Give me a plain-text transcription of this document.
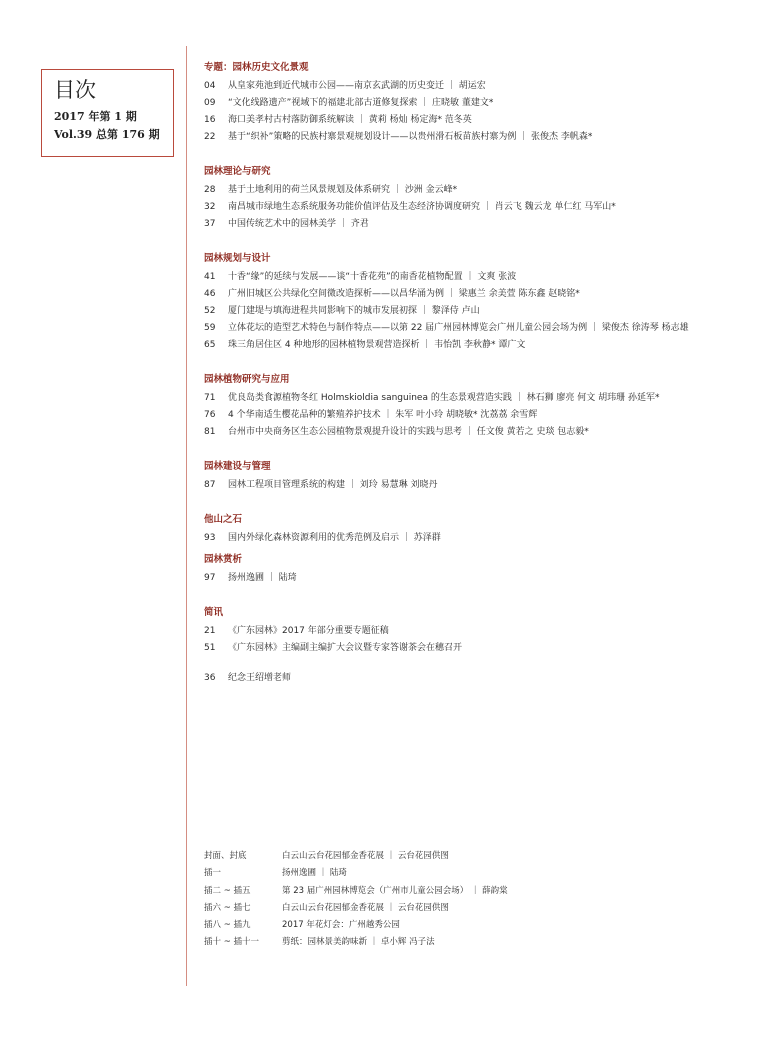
目次
2017 年第 1 期
Vol.39 总第 176 期
专题：园林历史文化景观
04	从皇家苑池到近代城市公园——南京玄武湖的历史变迁 ｜ 胡运宏
09	“文化线路遗产”视域下的福建北部古道修复探索 ｜ 庄晓敏 董建文*
16	海口美孝村古村落防御系统解读 ｜ 黄莉 杨灿 杨定海* 范冬英
22	基于“织补”策略的民族村寨景观规划设计——以贵州滑石板苗族村寨为例 ｜ 张俊杰 李帆森*
园林理论与研究
28	基于土地利用的荷兰风景规划及体系研究 ｜ 沙洲 金云峰*
32	南昌城市绿地生态系统服务功能价值评估及生态经济协调度研究 ｜ 肖云飞 魏云龙 单仁红 马军山*
37	中国传统艺术中的园林美学 ｜ 齐君
园林规划与设计
41	十香“缘”的延续与发展——谈“十香花苑”的南香花植物配置 ｜ 文爽 张波
46	广州旧城区公共绿化空间微改造探析——以昌华涌为例 ｜ 梁惠兰 余美萱 陈东鑫 赵晓铭*
52	厦门建堤与填海进程共同影响下的城市发展初探 ｜ 黎泽侍 卢山
59	立体花坛的造型艺术特色与制作特点——以第 22 届广州园林博览会广州儿童公园会场为例 ｜ 梁俊杰 徐涛琴 杨志雄
65	珠三角居住区 4 种地形的园林植物景观营造探析 ｜ 韦怡凯 李秋静* 谭广文
园林植物研究与应用
71	优良岛类食源植物冬红 Holmskioldia sanguinea 的生态景观营造实践 ｜ 林石狮 廖亮 何文 胡玮珊 孙延军*
76	4 个华南适生樱花品种的繁殖养护技术 ｜ 朱军 叶小玲 胡晓敏* 沈荔荔 余雪辉
81	台州市中央商务区生态公园植物景观提升设计的实践与思考 ｜ 任文俊 黄若之 史琰 包志毅*
园林建设与管理
87	园林工程项目管理系统的构建 ｜ 刘玲 易慧琳 刘晓丹
他山之石
93	国内外绿化森林资源利用的优秀范例及启示 ｜ 苏泽群
园林赏析
97	扬州逸圃 ｜ 陆琦
简讯
21	《广东园林》2017 年部分重要专题征稿
51	《广东园林》主编副主编扩大会议暨专家答谢茶会在穗召开
36	纪念王绍增老师
封面、封底	白云山云台花园郁金香花展 ｜ 云台花园供图
插一	扬州逸圃 ｜ 陆琦
插二 ~ 插五	第 23 届广州园林博览会（广州市儿童公园会场） ｜ 薛韵棠
插六 ~ 插七	白云山云台花园郁金香花展 ｜ 云台花园供图
插八 ~ 插九	2017 年花灯会：广州越秀公园
插十 ~ 插十一	剪纸：园林景美韵味新 ｜ 卓小辉 冯子法
